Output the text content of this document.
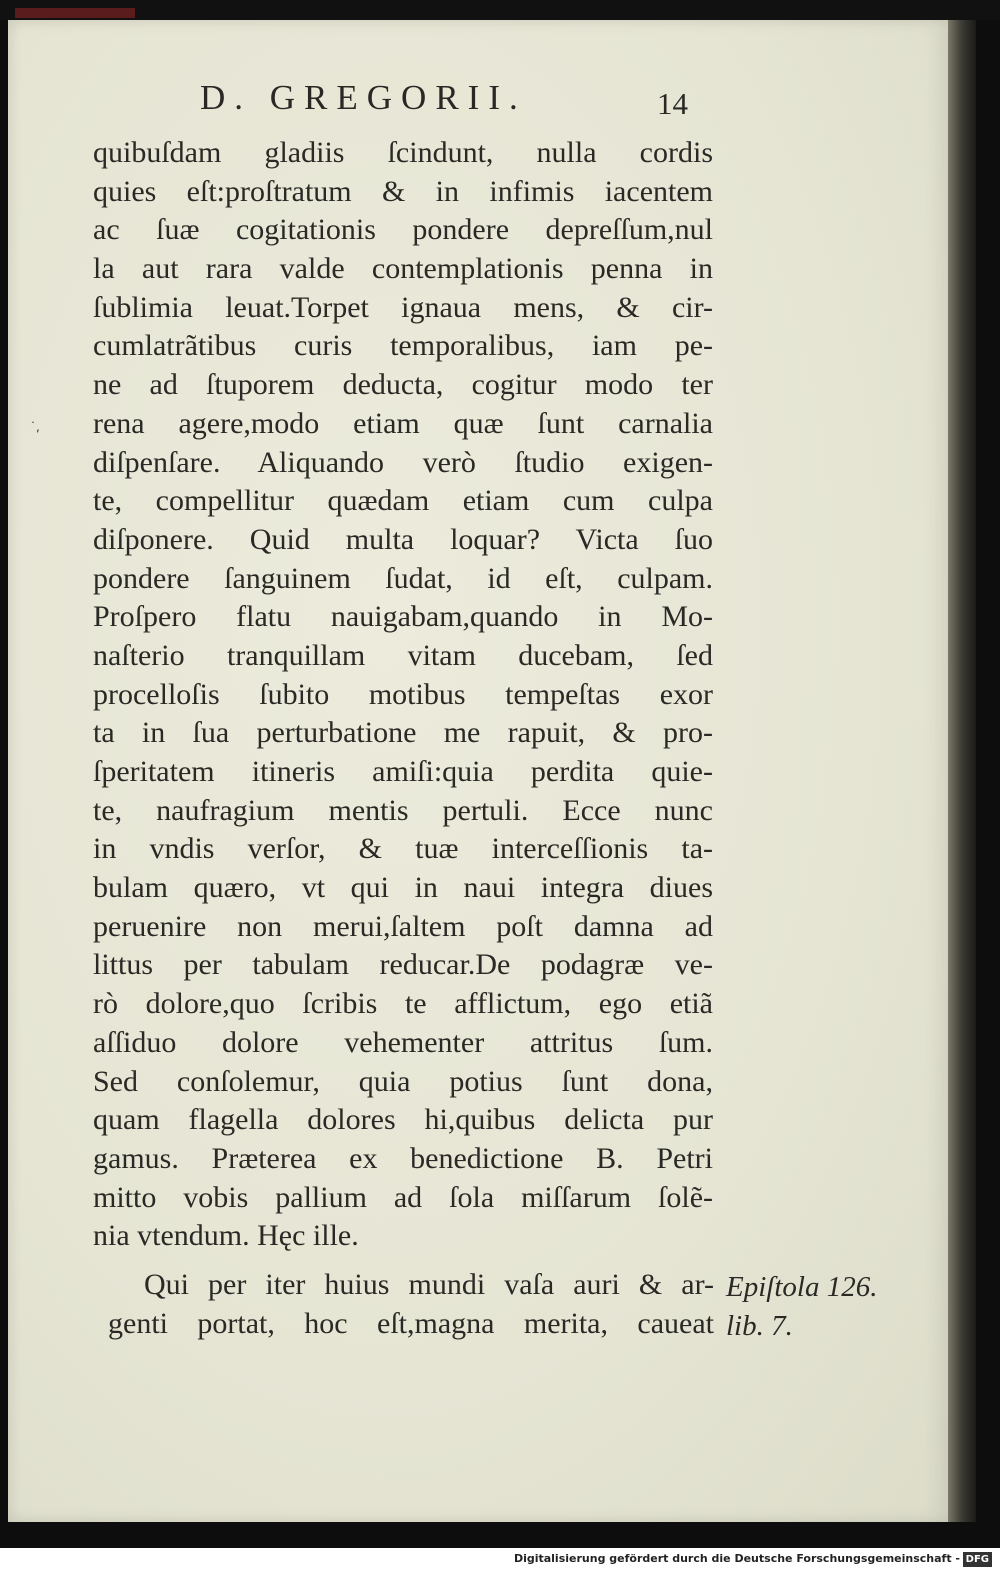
D. GREGORII.	14
˙,
quibuſdam gladiis ſcindunt, nulla cordis
quies eſt:proſtratum & in infimis iacentem
ac ſuæ cogitationis pondere depreſſum,nul
la aut rara valde contemplationis penna in
ſublimia leuat.Torpet ignaua mens, & cir-
cumlatrãtibus curis temporalibus, iam pe-
ne ad ſtuporem deducta, cogitur modo ter
rena agere,modo etiam quæ ſunt carnalia
diſpenſare. Aliquando verò ſtudio exigen-
te, compellitur quædam etiam cum culpa
diſponere. Quid multa loquar? Victa ſuo
pondere ſanguinem ſudat, id eſt, culpam.
Proſpero flatu nauigabam,quando in Mo-
naſterio tranquillam vitam ducebam, ſed
procelloſis ſubito motibus tempeſtas exor
ta in ſua perturbatione me rapuit, & pro-
ſperitatem itineris amiſi:quia perdita quie-
te, naufragium mentis pertuli. Ecce nunc
in vndis verſor, & tuæ interceſſionis ta-
bulam quæro, vt qui in naui integra diues
peruenire non merui,ſaltem poſt damna ad
littus per tabulam reducar.De podagræ ve-
rò dolore,quo ſcribis te afflictum, ego etiã
aſſiduo dolore vehementer attritus ſum.
Sed conſolemur, quia potius ſunt dona,
quam flagella dolores hi,quibus delicta pur
gamus. Præterea ex benedictione B. Petri
mitto vobis pallium ad ſola miſſarum ſolẽ-
nia vtendum. Hęc ille.
Qui per iter huius mundi vaſa auri & ar-
genti portat, hoc eſt,magna merita, caueat
Epiſtola 126.
lib. 7.
Digitalisierung gefördert durch die Deutsche Forschungsgemeinschaft - DFG
